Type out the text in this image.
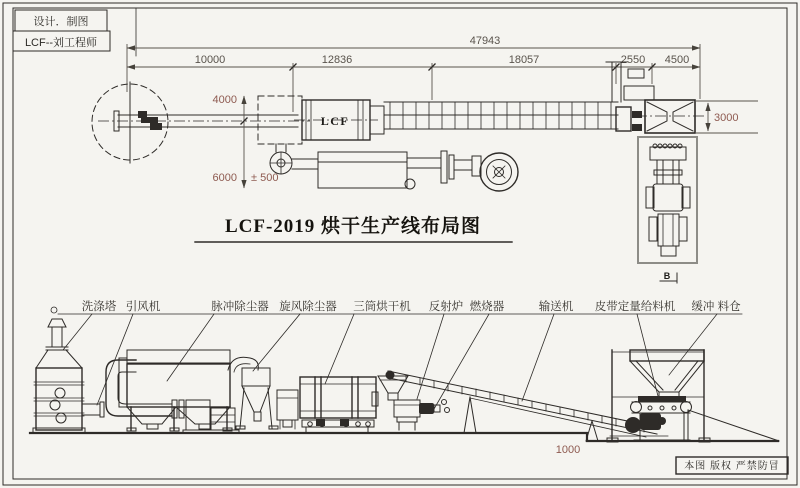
设计．制图
LCF--刘工程师	47943
10000	12836	18057	2550 4500
LCF	3000
B
4000
6000 ± 500
LCF-2019 烘干生产线布局图
洗涤塔 引风机	脉冲除尘器 旋风除尘器 三筒烘干机 反射炉 燃烧器	输送机 皮带定量给料机 缓冲 料仓
1000
本图 版权 严禁防冒
